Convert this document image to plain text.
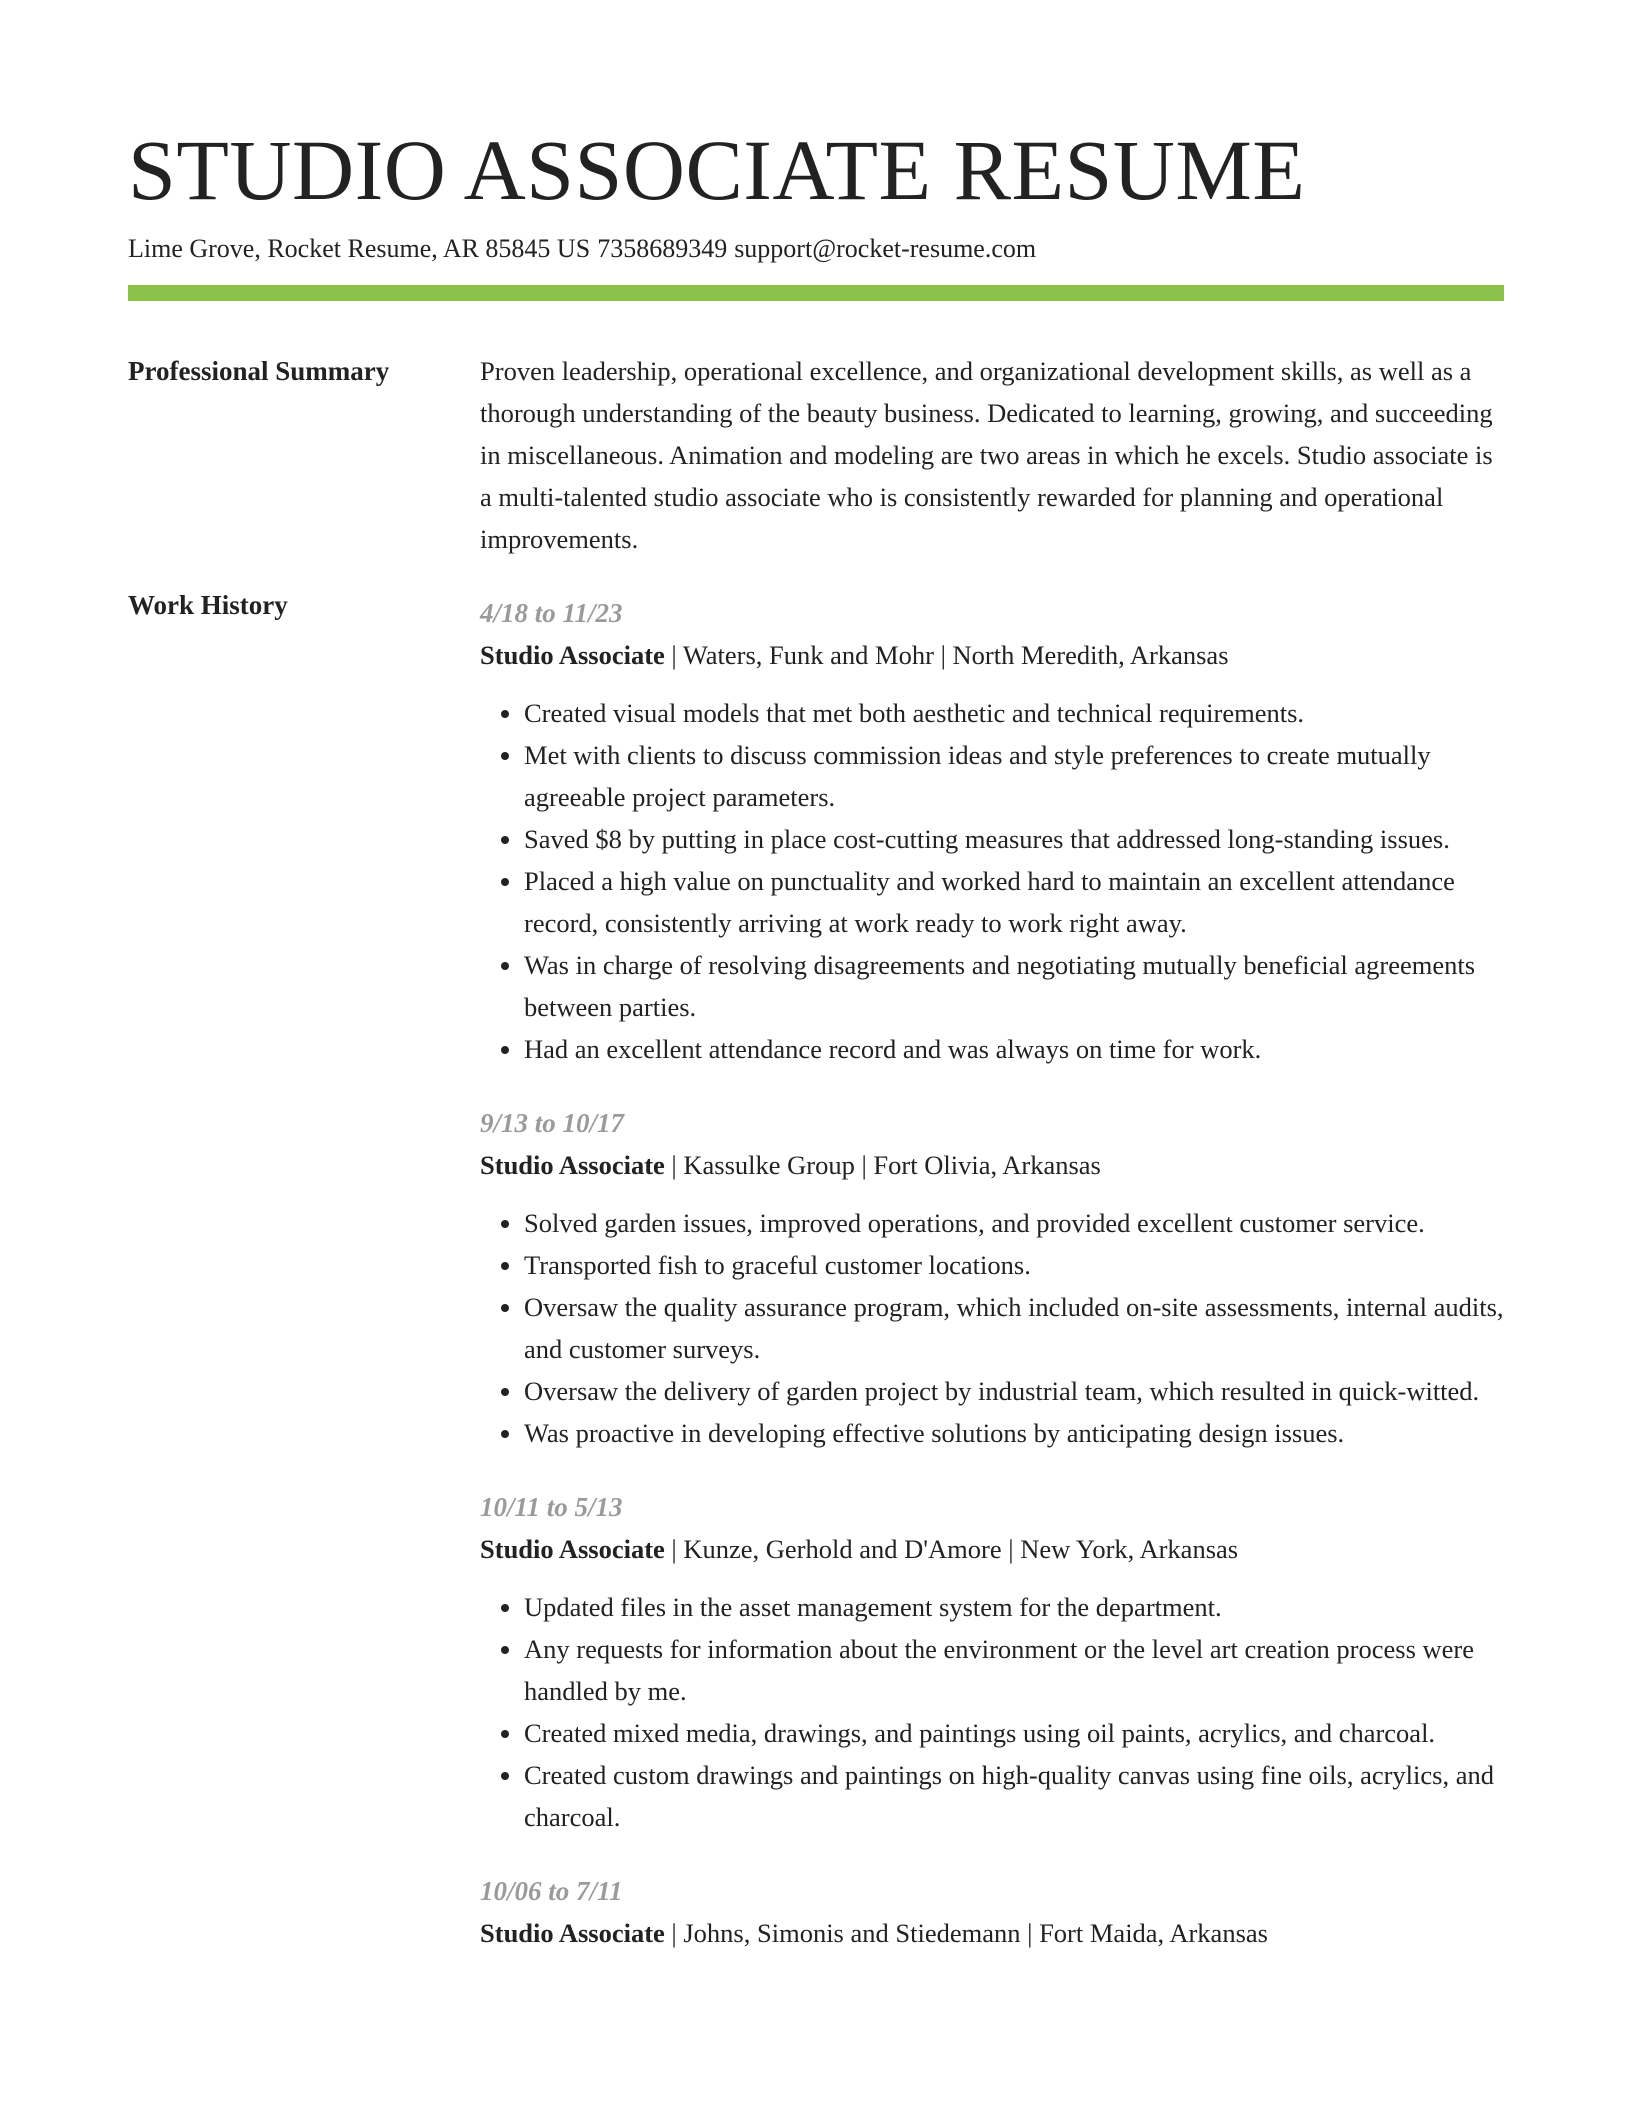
STUDIO ASSOCIATE RESUME
Lime Grove, Rocket Resume, AR 85845 US 7358689349 support@rocket-resume.com
Professional Summary	Proven leadership, operational excellence, and organizational development skills, as well as a thorough understanding of the beauty business. Dedicated to learning, growing, and succeeding in miscellaneous. Animation and modeling are two areas in which he excels. Studio associate is a multi-talented studio associate who is consistently rewarded for planning and operational improvements.

Work History	4/18 to 11/23
Studio Associate | Waters, Funk and Mohr | North Meredith, Arkansas
• Created visual models that met both aesthetic and technical requirements.
• Met with clients to discuss commission ideas and style preferences to create mutually agreeable project parameters.
• Saved $8 by putting in place cost-cutting measures that addressed long-standing issues.
• Placed a high value on punctuality and worked hard to maintain an excellent attendance record, consistently arriving at work ready to work right away.
• Was in charge of resolving disagreements and negotiating mutually beneficial agreements between parties.
• Had an excellent attendance record and was always on time for work.
9/13 to 10/17
Studio Associate | Kassulke Group | Fort Olivia, Arkansas
• Solved garden issues, improved operations, and provided excellent customer service.
• Transported fish to graceful customer locations.
• Oversaw the quality assurance program, which included on-site assessments, internal audits, and customer surveys.
• Oversaw the delivery of garden project by industrial team, which resulted in quick-witted.
• Was proactive in developing effective solutions by anticipating design issues.
10/11 to 5/13
Studio Associate | Kunze, Gerhold and D'Amore | New York, Arkansas
• Updated files in the asset management system for the department.
• Any requests for information about the environment or the level art creation process were handled by me.
• Created mixed media, drawings, and paintings using oil paints, acrylics, and charcoal.
• Created custom drawings and paintings on high-quality canvas using fine oils, acrylics, and charcoal.
10/06 to 7/11
Studio Associate | Johns, Simonis and Stiedemann | Fort Maida, Arkansas
